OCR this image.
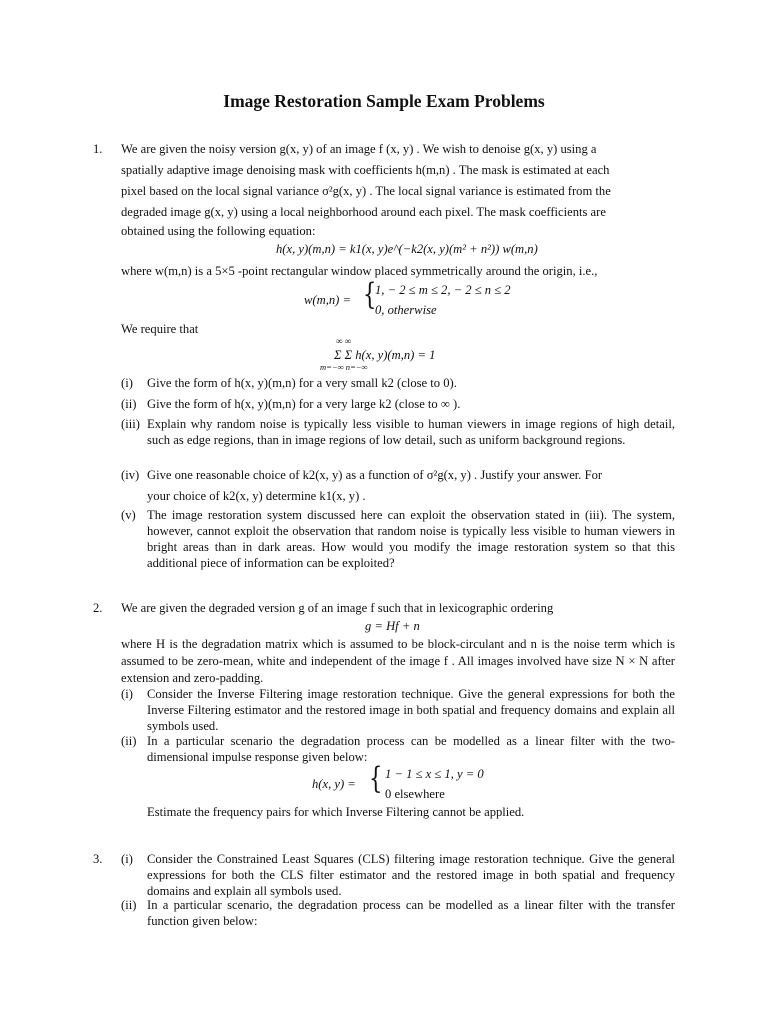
Image Restoration Sample Exam Problems
1. We are given the noisy version g(x, y) of an image f (x, y) . We wish to denoise g(x, y) using a
spatially adaptive image denoising mask with coefficients h(m,n) . The mask is estimated at each
pixel based on the local signal variance σ²g(x, y) . The local signal variance is estimated from the
degraded image g(x, y) using a local neighborhood around each pixel. The mask coefficients are
obtained using the following equation:
h(x, y)(m,n) = k1(x, y)e^(−k2(x, y)(m² + n²)) w(m,n)
where w(m,n) is a 5×5 -point rectangular window placed symmetrically around the origin, i.e.,
w(m,n) = {
1, − 2 ≤ m ≤ 2, − 2 ≤ n ≤ 2
0, otherwise
We require that
∞ ∞
Σ Σ h(x, y)(m,n) = 1
m=−∞ n=−∞
(i) Give the form of h(x, y)(m,n) for a very small k2 (close to 0).
(ii) Give the form of h(x, y)(m,n) for a very large k2 (close to ∞ ).
(iii) Explain why random noise is typically less visible to human viewers in image regions of high detail, such as edge regions, than in image regions of low detail, such as uniform background regions.
(iv) Give one reasonable choice of k2(x, y) as a function of σ²g(x, y) . Justify your answer. For
your choice of k2(x, y) determine k1(x, y) .
(v) The image restoration system discussed here can exploit the observation stated in (iii). The system, however, cannot exploit the observation that random noise is typically less visible to human viewers in bright areas than in dark areas. How would you modify the image restoration system so that this additional piece of information can be exploited?
2. We are given the degraded version g of an image f such that in lexicographic ordering
g = Hf + n
where H is the degradation matrix which is assumed to be block-circulant and n is the noise term which is assumed to be zero-mean, white and independent of the image f . All images involved have size N × N after extension and zero-padding.
(i) Consider the Inverse Filtering image restoration technique. Give the general expressions for both the Inverse Filtering estimator and the restored image in both spatial and frequency domains and explain all symbols used.
(ii) In a particular scenario the degradation process can be modelled as a linear filter with the two-dimensional impulse response given below:
h(x, y) = { 1 − 1 ≤ x ≤ 1, y = 0
0 elsewhere
Estimate the frequency pairs for which Inverse Filtering cannot be applied.
3. (i) Consider the Constrained Least Squares (CLS) filtering image restoration technique. Give the general expressions for both the CLS filter estimator and the restored image in both spatial and frequency domains and explain all symbols used.
(ii) In a particular scenario, the degradation process can be modelled as a linear filter with the transfer function given below:
